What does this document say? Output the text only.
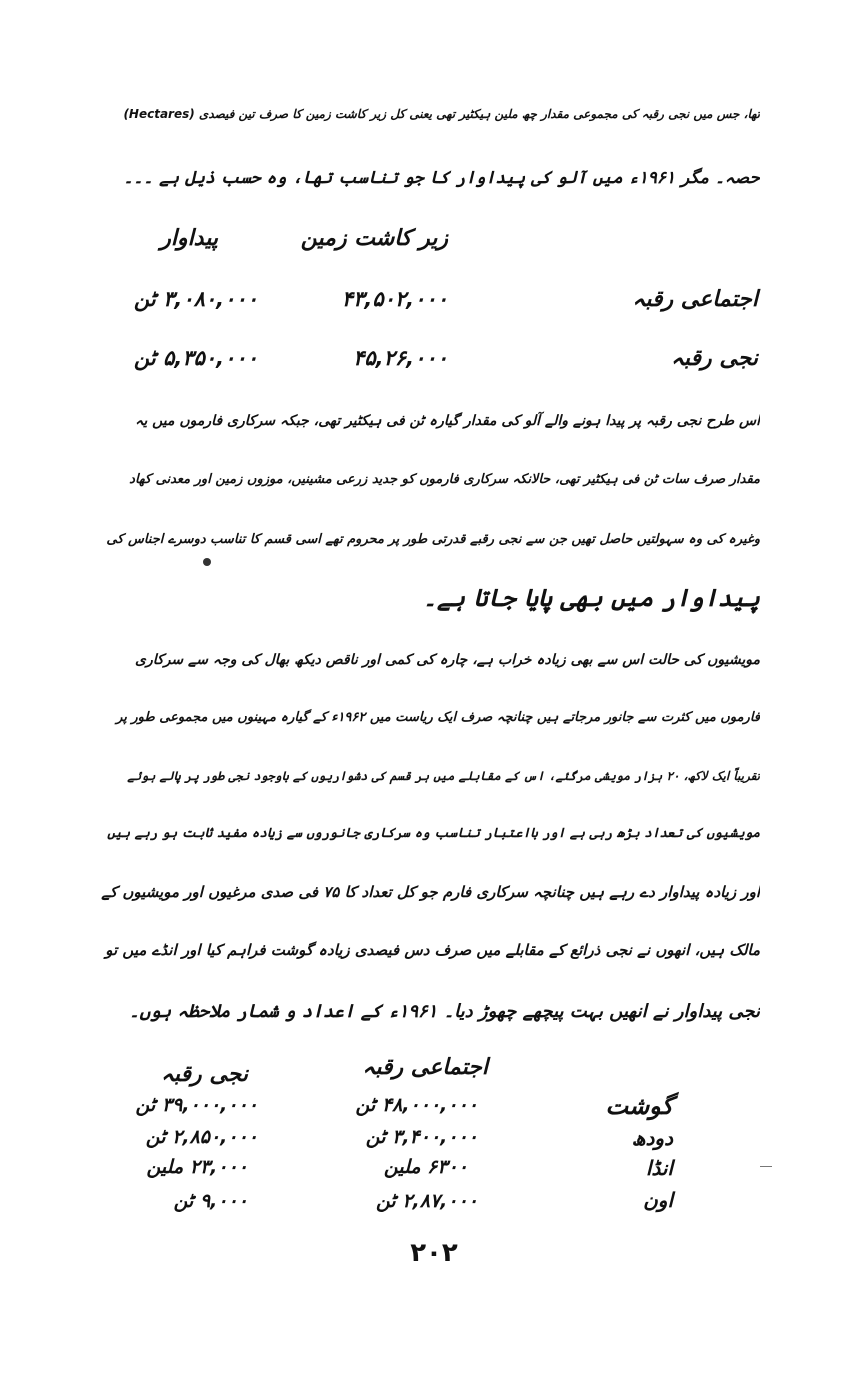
(Hectares) تھا، جس میں نجی رقبہ کی مجموعی مقدار چھ ملین ہیکٹیر تھی یعنی کل زیر کاشت زمین کا صرف تین فیصدی
حصہ۔ مگر ۱۹۶۱ء میں آلو کی پیداوار کا جو تناسب تھا، وہ حسب ذیل ہے ۔۔۔
زیر کاشت زمین
پیداوار
اجتماعی رقبہ
۴۳,۵۰۲,۰۰۰
۳,۰۸۰,۰۰۰ ٹن
نجی رقبہ
۴۵,۲۶,۰۰۰
۵,۳۵۰,۰۰۰ ٹن
اس طرح نجی رقبہ پر پیدا ہونے والے آلو کی مقدار گیارہ ٹن فی ہیکٹیر تھی، جبکہ سرکاری فارموں میں یہ
مقدار صرف سات ٹن فی ہیکٹیر تھی، حالانکہ سرکاری فارموں کو جدید زرعی مشینیں، موزوں زمین اور معدنی کھاد
وغیرہ کی وہ سہولتیں حاصل تھیں جن سے نجی رقبے قدرتی طور پر محروم تھے اسی قسم کا تناسب دوسرے اجناس کی
پیداوار میں بھی پایا جاتا ہے۔
مویشیوں کی حالت اس سے بھی زیادہ خراب ہے، چارہ کی کمی اور ناقص دیکھ بھال کی وجہ سے سرکاری
فارموں میں کثرت سے جانور مرجاتے ہیں چنانچہ صرف ایک ریاست میں ۱۹۶۲ء کے گیارہ مہینوں میں مجموعی طور پر
تقریباً ایک لاکھ، ۲۰ ہزار مویشی مرگئے، اس کے مقابلے میں ہر قسم کی دشواریوں کے باوجود نجی طور پر پالے ہوئے
مویشیوں کی تعداد بڑھ رہی ہے اور بااعتبار تناسب وہ سرکاری جانوروں سے زیادہ مفید ثابت ہو رہے ہیں
اور زیادہ پیداوار دے رہے ہیں چنانچہ سرکاری فارم جو کل تعداد کا ۷۵ فی صدی مرغیوں اور مویشیوں کے
مالک ہیں، انھوں نے نجی ذرائع کے مقابلے میں صرف دس فیصدی زیادہ گوشت فراہم کیا اور انڈے میں تو
نجی پیداوار نے انھیں بہت پیچھے چھوڑ دیا۔ ۱۹۶۱ء کے اعداد و شمار ملاحظہ ہوں۔
اجتماعی رقبہ
نجی رقبہ
گوشت
۴۸,۰۰۰,۰۰۰ ٹن
۳۹,۰۰۰,۰۰۰ ٹن
دودھ
۳,۴۰۰,۰۰۰ ٹن
۲,۸۵۰,۰۰۰ ٹن
انڈا
۶۳۰۰ ملین
۲۳,۰۰۰ ملین
اون
۲,۸۷,۰۰۰ ٹن
۹,۰۰۰ ٹن
۲۰۲
